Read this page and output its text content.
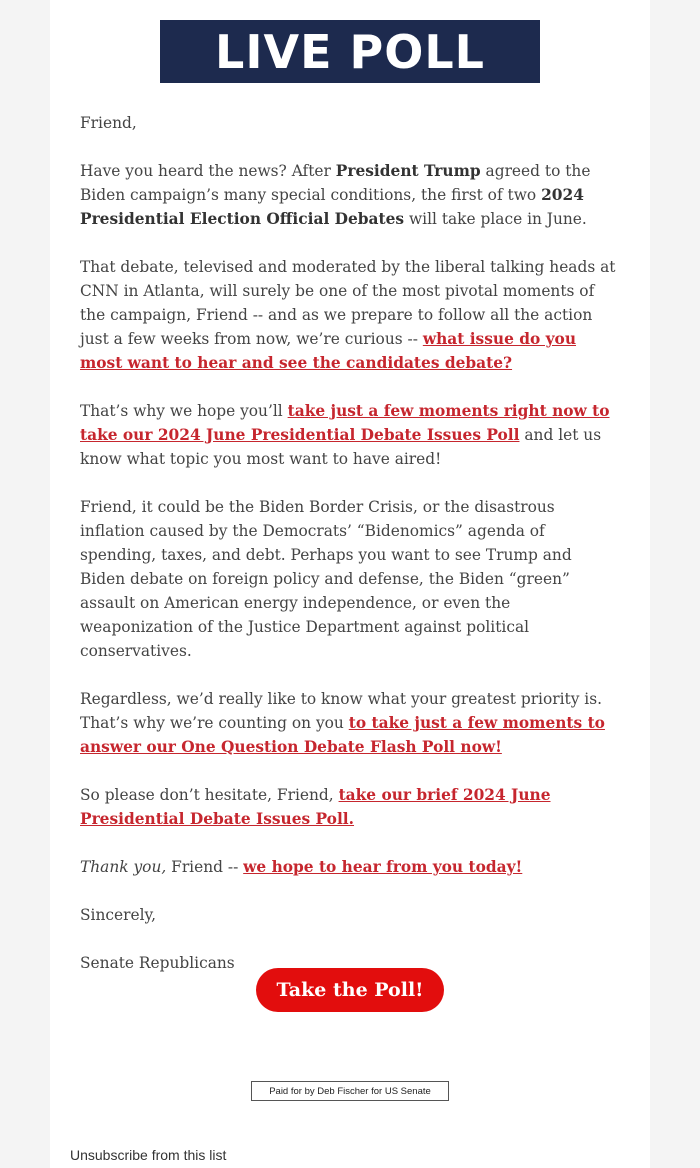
LIVE POLL

Friend,

Have you heard the news? After President Trump agreed to the Biden campaign’s many special conditions, the first of two 2024 Presidential Election Official Debates will take place in June.

That debate, televised and moderated by the liberal talking heads at CNN in Atlanta, will surely be one of the most pivotal moments of the campaign, Friend -- and as we prepare to follow all the action just a few weeks from now, we’re curious -- what issue do you most want to hear and see the candidates debate?

That’s why we hope you’ll take just a few moments right now to take our 2024 June Presidential Debate Issues Poll and let us know what topic you most want to have aired!

Friend, it could be the Biden Border Crisis, or the disastrous inflation caused by the Democrats’ “Bidenomics” agenda of spending, taxes, and debt. Perhaps you want to see Trump and Biden debate on foreign policy and defense, the Biden “green” assault on American energy independence, or even the weaponization of the Justice Department against political conservatives.

Regardless, we’d really like to know what your greatest priority is. That’s why we’re counting on you to take just a few moments to answer our One Question Debate Flash Poll now!

So please don’t hesitate, Friend, take our brief 2024 June Presidential Debate Issues Poll.

Thank you, Friend -- we hope to hear from you today!

Sincerely,

Senate Republicans

Take the Poll!
Paid for by Deb Fischer for US Senate
Unsubscribe from this list
